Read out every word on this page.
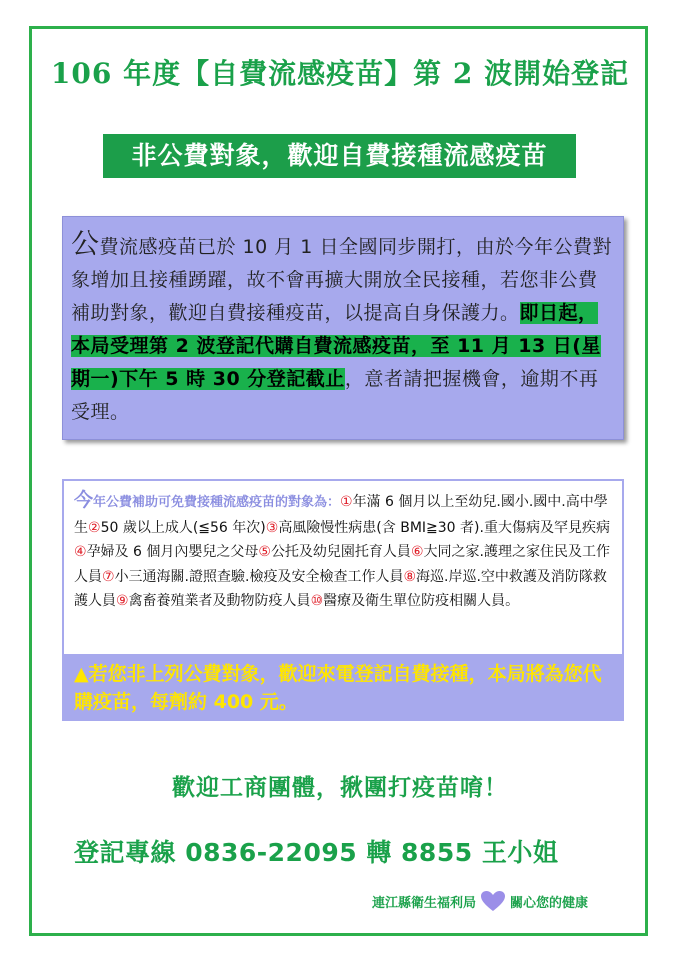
106 年度【自費流感疫苗】第 2 波開始登記
非公費對象，歡迎自費接種流感疫苗

公費流感疫苗已於 10 月 1 日全國同步開打，由於今年公費對象增加且接種踴躍，故不會再擴大開放全民接種，若您非公費補助對象，歡迎自費接種疫苗，以提高自身保護力。即日起，本局受理第 2 波登記代購自費流感疫苗，至 11 月 13 日(星期一)下午 5 時 30 分登記截止，意者請把握機會，逾期不再受理。

今年公費補助可免費接種流感疫苗的對象為：①年滿 6 個月以上至幼兒.國小.國中.高中學生②50 歲以上成人(≦56 年次)③高風險慢性病患(含 BMI≧30 者).重大傷病及罕見疾病④孕婦及 6 個月內嬰兒之父母⑤公托及幼兒園托育人員⑥大同之家.護理之家住民及工作人員⑦小三通海關.證照查驗.檢疫及安全檢查工作人員⑧海巡.岸巡.空中救護及消防隊救護人員⑨禽畜養殖業者及動物防疫人員⑩醫療及衛生單位防疫相關人員。
▲若您非上列公費對象，歡迎來電登記自費接種，本局將為您代購疫苗，每劑約 400 元。
歡迎工商團體，揪團打疫苗唷！
登記專線 0836-22095 轉 8855 王小姐
連江縣衛生福利局	關心您的健康
